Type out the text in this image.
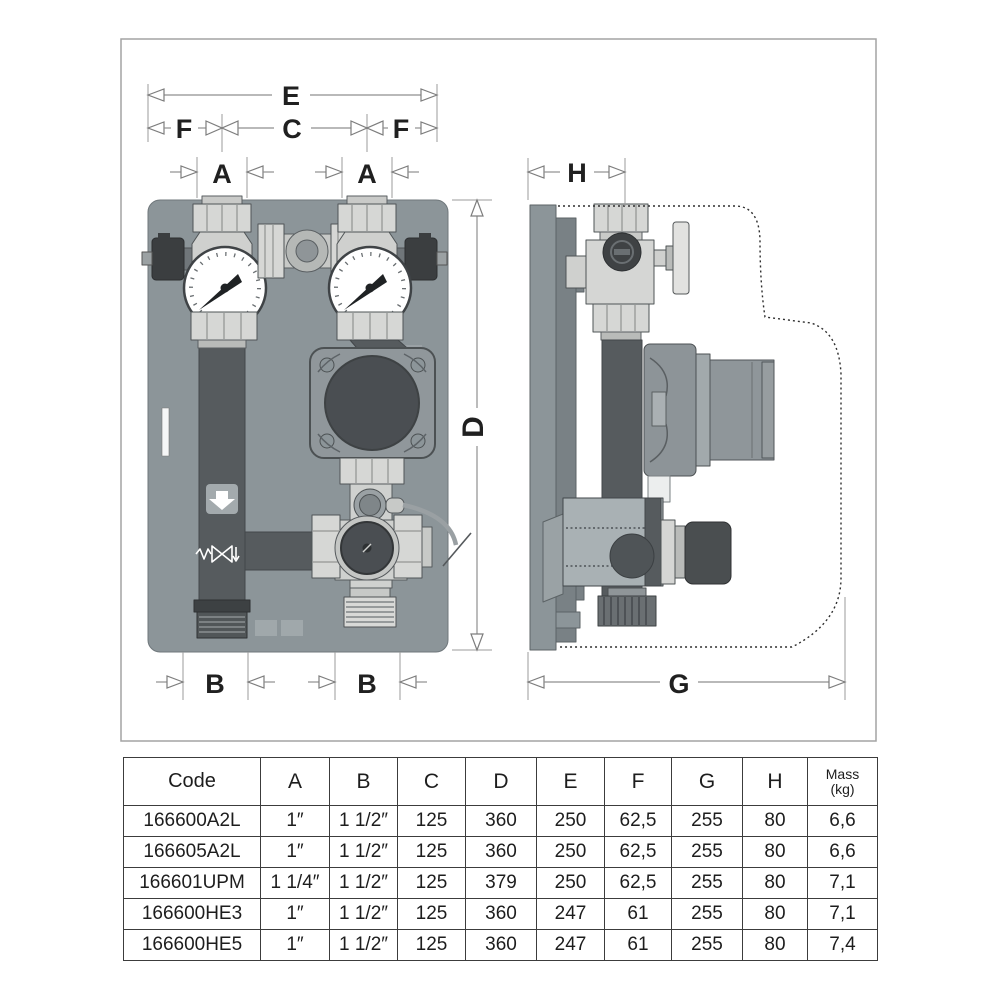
E
F	C	F
A	A
D
B	B
H
G
Code	A	B	C	D	E	F	G	H	Mass
(kg)

166600A2L	1″	1 1/2″	125	360	250	62,5	255	80	6,6
166605A2L	1″	1 1/2″	125	360	250	62,5	255	80	6,6
166601UPM	1 1/4″	1 1/2″	125	379	250	62,5	255	80	7,1
166600HE3	1″	1 1/2″	125	360	247	61	255	80	7,1
166600HE5	1″	1 1/2″	125	360	247	61	255	80	7,4
